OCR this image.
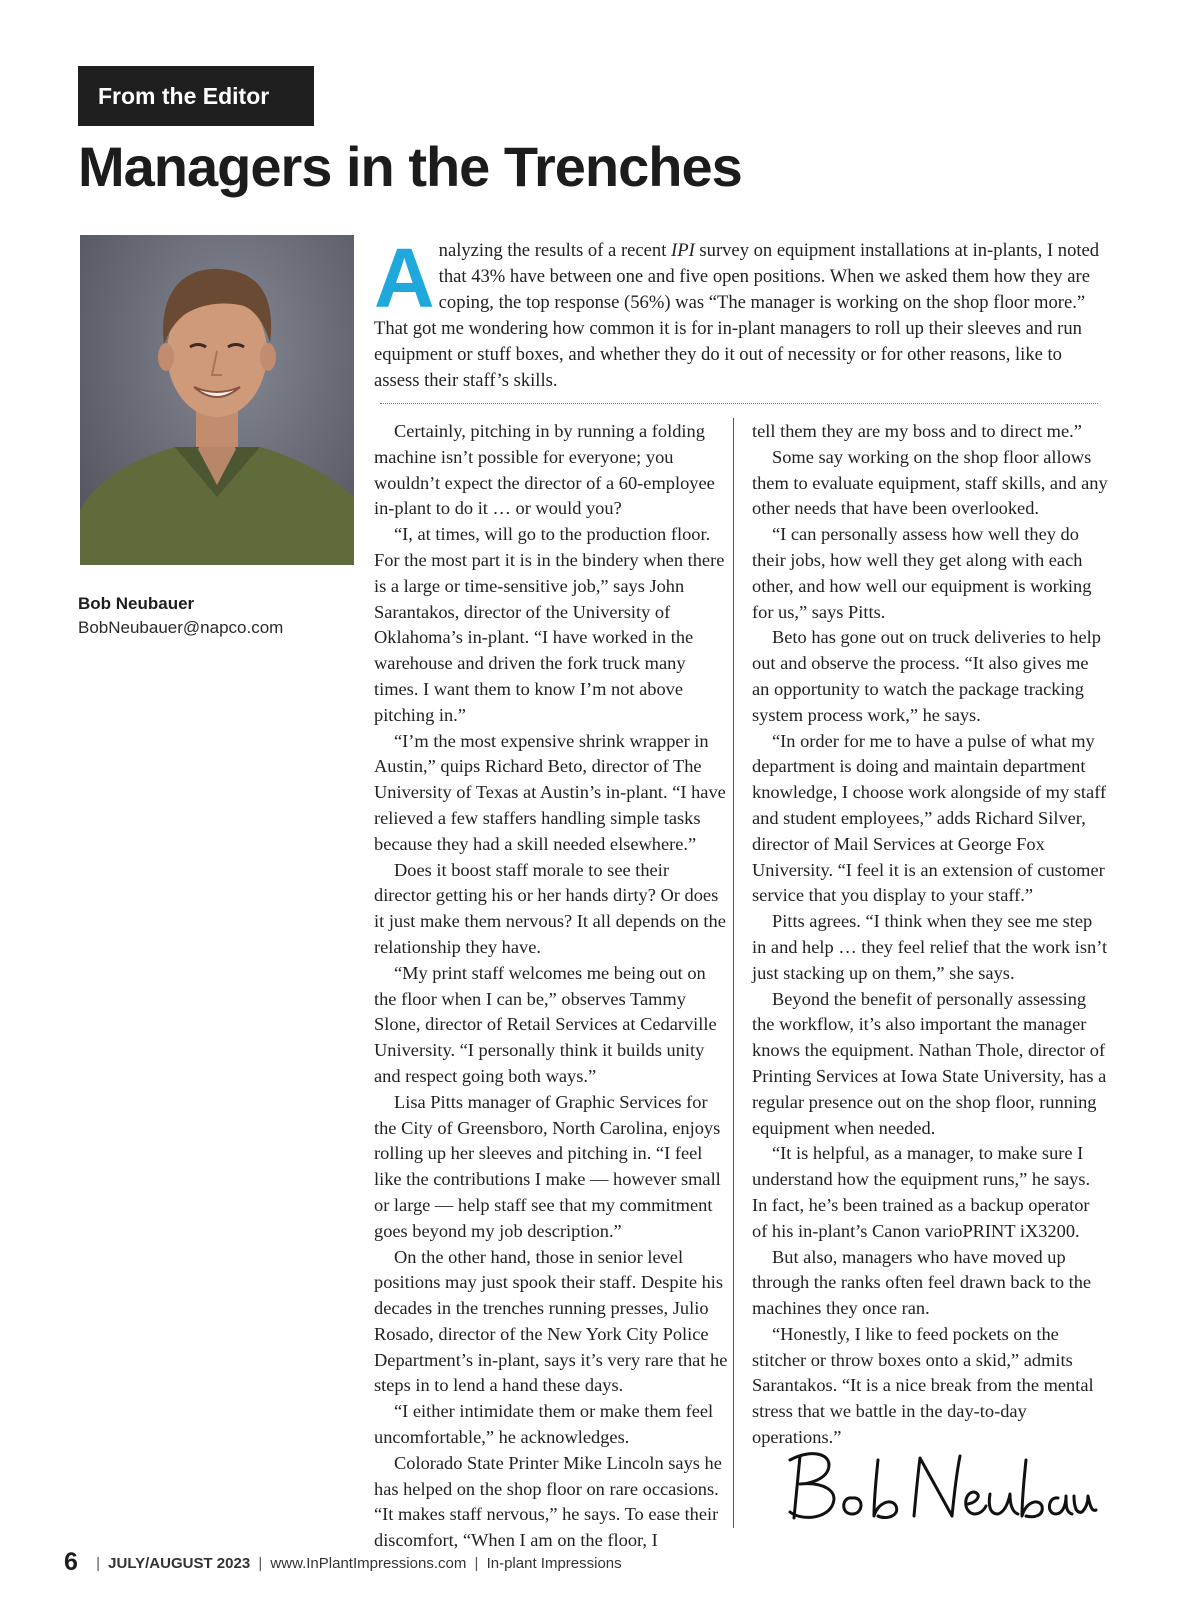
From the Editor
Managers in the Trenches
Bob Neubauer
BobNeubauer@napco.com

Analyzing the results of a recent IPI survey on equipment installations at in-plants, I noted that 43% have between one and five open positions. When we asked them how they are coping, the top response (56%) was “The manager is working on the shop floor more.” That got me wondering how common it is for in-plant managers to roll up their sleeves and run equipment or stuff boxes, and whether they do it out of necessity or for other reasons, like to assess their staff’s skills.

Certainly, pitching in by running a folding machine isn’t possible for everyone; you wouldn’t expect the director of a 60-employee in-plant to do it … or would you?

“I, at times, will go to the production floor. For the most part it is in the bindery when there is a large or time-sensitive job,” says John Sarantakos, director of the University of Oklahoma’s in-plant. “I have worked in the warehouse and driven the fork truck many times. I want them to know I’m not above pitching in.”

“I’m the most expensive shrink wrapper in Austin,” quips Richard Beto, director of The University of Texas at Austin’s in-plant. “I have relieved a few staffers handling simple tasks because they had a skill needed elsewhere.”

Does it boost staff morale to see their director getting his or her hands dirty? Or does it just make them nervous? It all depends on the relationship they have.

“My print staff welcomes me being out on the floor when I can be,” observes Tammy Slone, director of Retail Services at Cedarville University. “I personally think it builds unity and respect going both ways.”

Lisa Pitts manager of Graphic Services for the City of Greensboro, North Carolina, enjoys rolling up her sleeves and pitching in. “I feel like the contributions I make — however small or large — help staff see that my commitment goes beyond my job description.”

On the other hand, those in senior level positions may just spook their staff. Despite his decades in the trenches running presses, Julio Rosado, director of the New York City Police Department’s in-plant, says it’s very rare that he steps in to lend a hand these days.

“I either intimidate them or make them feel uncomfortable,” he acknowledges.

Colorado State Printer Mike Lincoln says he has helped on the shop floor on rare occasions. “It makes staff nervous,” he says. To ease their discomfort, “When I am on the floor, I

tell them they are my boss and to direct me.”

Some say working on the shop floor allows them to evaluate equipment, staff skills, and any other needs that have been overlooked.

“I can personally assess how well they do their jobs, how well they get along with each other, and how well our equipment is working for us,” says Pitts.

Beto has gone out on truck deliveries to help out and observe the process. “It also gives me an opportunity to watch the package tracking system process work,” he says.

“In order for me to have a pulse of what my department is doing and maintain department knowledge, I choose work alongside of my staff and student employees,” adds Richard Silver, director of Mail Services at George Fox University. “I feel it is an extension of customer service that you display to your staff.”

Pitts agrees. “I think when they see me step in and help … they feel relief that the work isn’t just stacking up on them,” she says.

Beyond the benefit of personally assessing the workflow, it’s also important the manager knows the equipment. Nathan Thole, director of Printing Services at Iowa State University, has a regular presence out on the shop floor, running equipment when needed.

“It is helpful, as a manager, to make sure I understand how the equipment runs,” he says. In fact, he’s been trained as a backup operator of his in-plant’s Canon varioPRINT iX3200.

But also, managers who have moved up through the ranks often feel drawn back to the machines they once ran.

“Honestly, I like to feed pockets on the stitcher or throw boxes onto a skid,” admits Sarantakos. “It is a nice break from the mental stress that we battle in the day-to-day operations.”

6 | JULY/AUGUST 2023 | www.InPlantImpressions.com | In-plant Impressions
